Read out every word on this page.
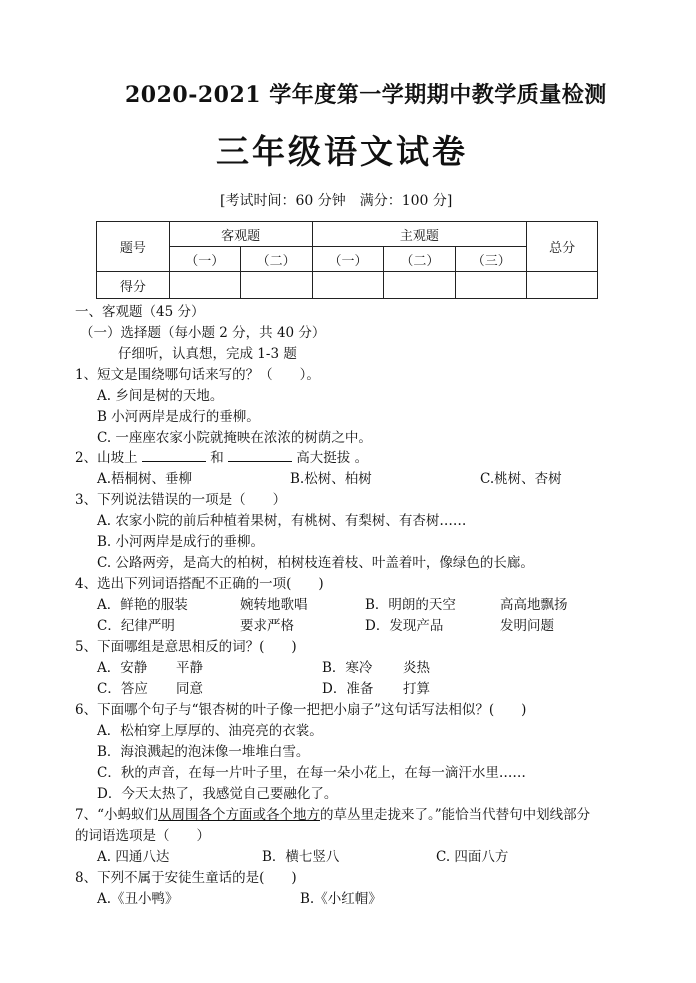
2020-2021 学年度第一学期期中教学质量检测
三年级语文试卷
[考试时间：60 分钟　满分：100 分]
题号	客观题		主观题			总分
	（一）	（二）	（一）	（二）	（三）	
得分						
一、客观题（45 分）
（一）选择题（每小题 2 分，共 40 分）
仔细听，认真想，完成 1-3 题
1、短文是围绕哪句话来写的？（　　）。
A. 乡间是树的天地。
B 小河两岸是成行的垂柳。
C. 一座座农家小院就掩映在浓浓的树荫之中。
2、山坡上	和	高大挺拔 。
A.梧桐树、垂柳	B.松树、柏树	C.桃树、杏树
3、下列说法错误的一项是（　　）
A. 农家小院的前后种植着果树，有桃树、有梨树、有杏树……
B. 小河两岸是成行的垂柳。
C. 公路两旁，是高大的柏树，柏树枝连着枝、叶盖着叶，像绿色的长廊。
4、选出下列词语搭配不正确的一项(　　)
A．鲜艳的服装	婉转地歌唱	B．明朗的天空	高高地飘扬
C．纪律严明	要求严格	D．发现产品	发明问题
5、下面哪组是意思相反的词？(　　)
A．安静 平静	B．寒冷 炎热
C．答应 同意	D．准备 打算
6、下面哪个句子与“银杏树的叶子像一把把小扇子”这句话写法相似？(　　)
A．松柏穿上厚厚的、油亮亮的衣裳。
B．海浪溅起的泡沫像一堆堆白雪。
C．秋的声音，在每一片叶子里，在每一朵小花上，在每一滴汗水里……
D．今天太热了，我感觉自己要融化了。
7、“小蚂蚁们从周围各个方面或各个地方的草丛里走拢来了。”能恰当代替句中划线部分
的词语选项是（　　）
A. 四通八达	B．横七竖八	C. 四面八方
8、下列不属于安徒生童话的是(　　)
A.《丑小鸭》	B.《小红帽》
